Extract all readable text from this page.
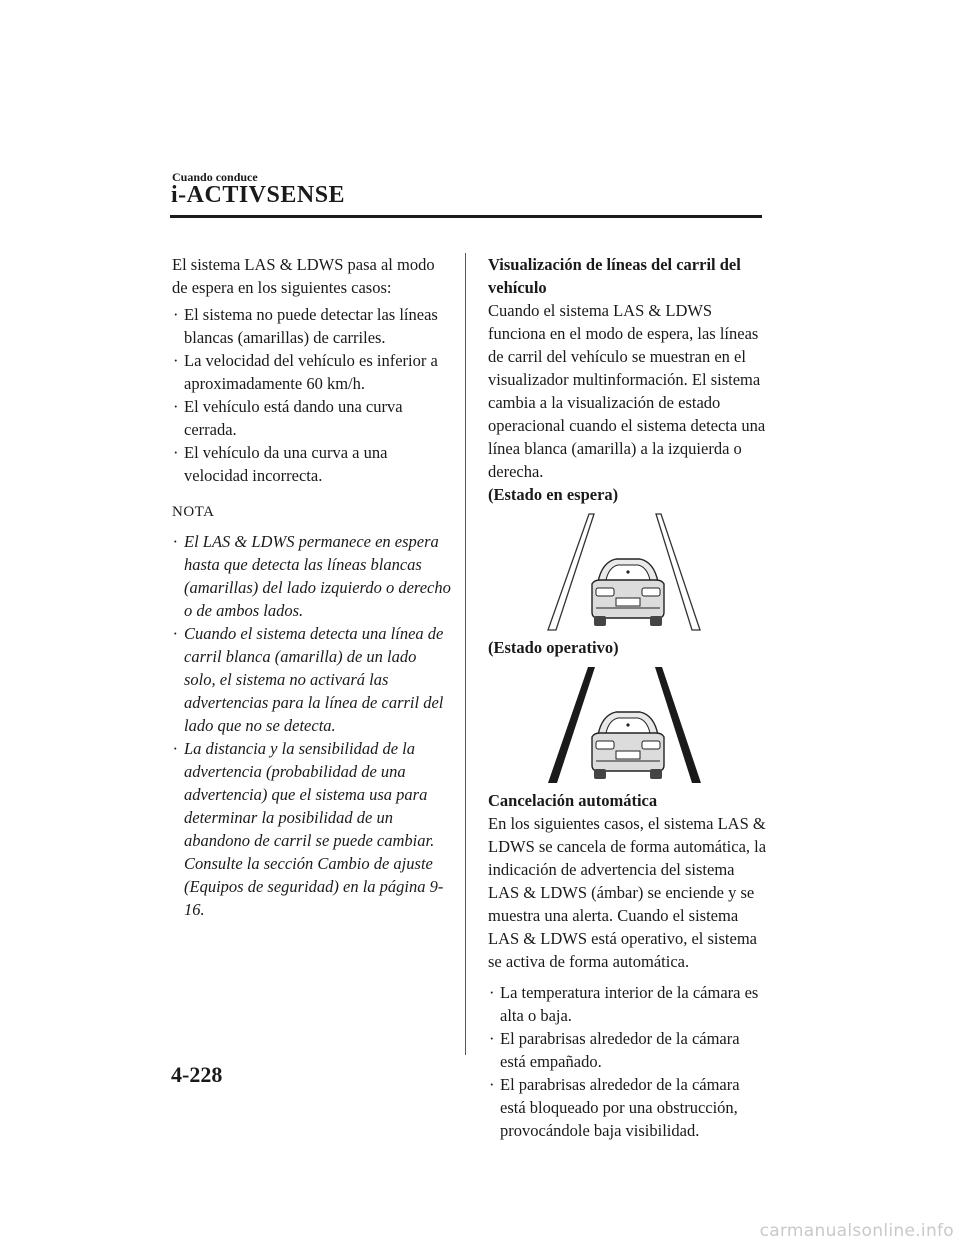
Cuando conduce
i-ACTIVSENSE

El sistema LAS & LDWS pasa al modo de espera en los siguientes casos:

· El sistema no puede detectar las líneas blancas (amarillas) de carriles.
· La velocidad del vehículo es inferior a aproximadamente 60 km/h.
· El vehículo está dando una curva cerrada.
· El vehículo da una curva a una velocidad incorrecta.

NOTA

· El LAS & LDWS permanece en espera hasta que detecta las líneas blancas (amarillas) del lado izquierdo o derecho o de ambos lados.
· Cuando el sistema detecta una línea de carril blanca (amarilla) de un lado solo, el sistema no activará las advertencias para la línea de carril del lado que no se detecta.
· La distancia y la sensibilidad de la advertencia (probabilidad de una advertencia) que el sistema usa para determinar la posibilidad de un abandono de carril se puede cambiar. Consulte la sección Cambio de ajuste (Equipos de seguridad) en la página 9-16.

Visualización de líneas del carril del vehículo

Cuando el sistema LAS & LDWS funciona en el modo de espera, las líneas de carril del vehículo se muestran en el visualizador multinformación. El sistema cambia a la visualización de estado operacional cuando el sistema detecta una línea blanca (amarilla) a la izquierda o derecha.

(Estado en espera)

(Estado operativo)

Cancelación automática

En los siguientes casos, el sistema LAS & LDWS se cancela de forma automática, la indicación de advertencia del sistema LAS & LDWS (ámbar) se enciende y se muestra una alerta. Cuando el sistema LAS & LDWS está operativo, el sistema se activa de forma automática.

· La temperatura interior de la cámara es alta o baja.
· El parabrisas alrededor de la cámara está empañado.
· El parabrisas alrededor de la cámara está bloqueado por una obstrucción, provocándole baja visibilidad.
4-228
carmanualsonline.info
